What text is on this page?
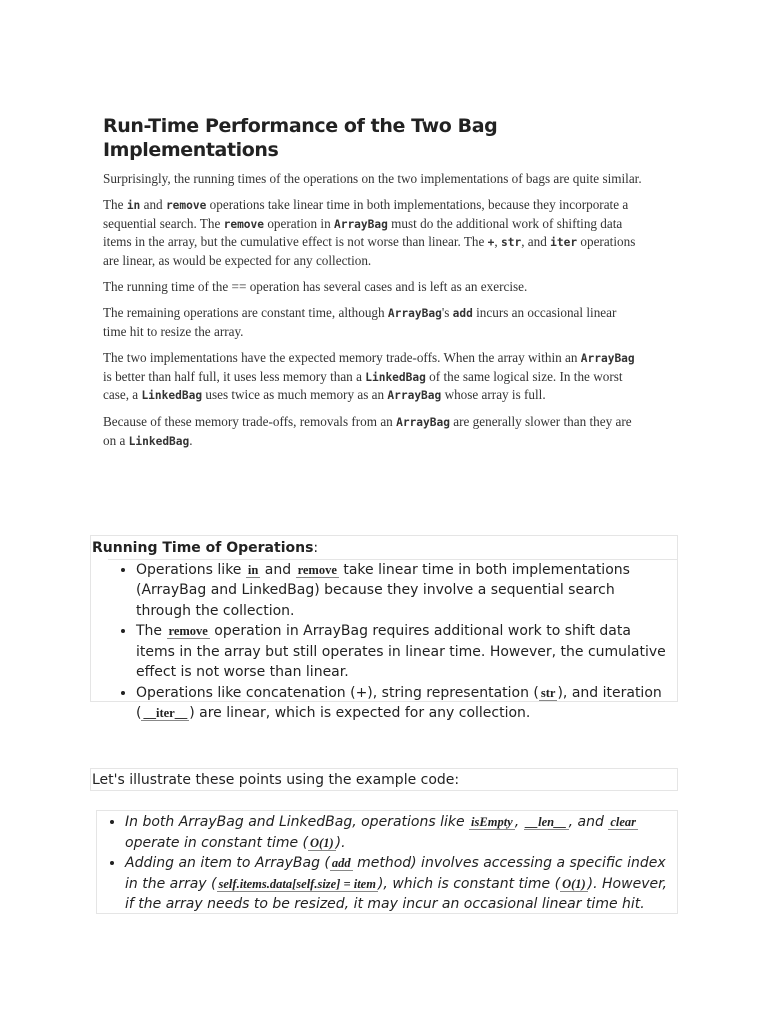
Run-Time Performance of the Two Bag
Implementations

Surprisingly, the running times of the operations on the two implementations of bags are quite similar.

The in and remove operations take linear time in both implementations, because they incorporate a sequential search. The remove operation in ArrayBag must do the additional work of shifting data items in the array, but the cumulative effect is not worse than linear. The +, str, and iter operations are linear, as would be expected for any collection.

The running time of the == operation has several cases and is left as an exercise.

The remaining operations are constant time, although ArrayBag's add incurs an occasional linear time hit to resize the array.

The two implementations have the expected memory trade-offs. When the array within an ArrayBag is better than half full, it uses less memory than a LinkedBag of the same logical size. In the worst case, a LinkedBag uses twice as much memory as an ArrayBag whose array is full.

Because of these memory trade-offs, removals from an ArrayBag are generally slower than they are on a LinkedBag.

Running Time of Operations:
• Operations like in and remove take linear time in both implementations (ArrayBag and LinkedBag) because they involve a sequential search through the collection.
• The remove operation in ArrayBag requires additional work to shift data items in the array but still operates in linear time. However, the cumulative effect is not worse than linear.
• Operations like concatenation (+), string representation ( str ), and iteration ( __iter__ ) are linear, which is expected for any collection.
Let's illustrate these points using the example code:
• In both ArrayBag and LinkedBag, operations like isEmpty , __len__ , and clear operate in constant time ( O(1) ).
• Adding an item to ArrayBag ( add method) involves accessing a specific index in the array ( self.items.data[self.size] = item ), which is constant time ( O(1) ). However, if the array needs to be resized, it may incur an occasional linear time hit.
